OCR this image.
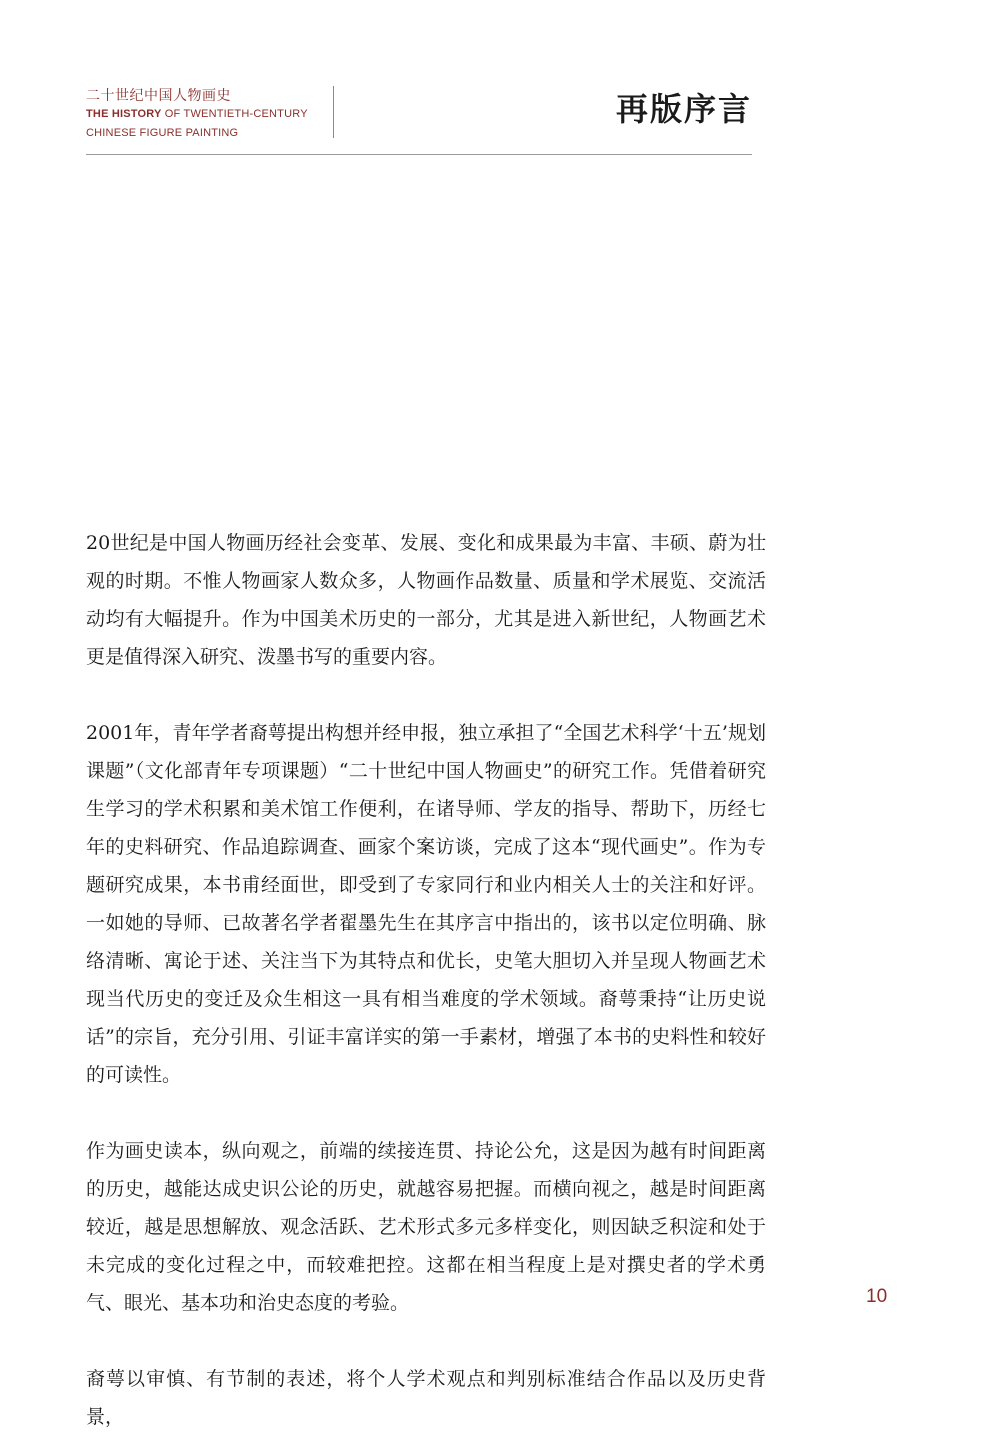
二十世纪中国人物画史
THE HISTORY OF TWENTIETH-CENTURY
CHINESE FIGURE PAINTING
再版序言

20世纪是中国人物画历经社会变革、发展、变化和成果最为丰富、丰硕、蔚为壮观的时期。不惟人物画家人数众多，人物画作品数量、质量和学术展览、交流活动均有大幅提升。作为中国美术历史的一部分，尤其是进入新世纪，人物画艺术更是值得深入研究、泼墨书写的重要内容。

2001年，青年学者裔萼提出构想并经申报，独立承担了“全国艺术科学‘十五’规划课题”（文化部青年专项课题）“二十世纪中国人物画史”的研究工作。凭借着研究生学习的学术积累和美术馆工作便利，在诸导师、学友的指导、帮助下，历经七年的史料研究、作品追踪调查、画家个案访谈，完成了这本“现代画史”。作为专题研究成果，本书甫经面世，即受到了专家同行和业内相关人士的关注和好评。一如她的导师、已故著名学者翟墨先生在其序言中指出的，该书以定位明确、脉络清晰、寓论于述、关注当下为其特点和优长，史笔大胆切入并呈现人物画艺术现当代历史的变迁及众生相这一具有相当难度的学术领域。裔萼秉持“让历史说话”的宗旨，充分引用、引证丰富详实的第一手素材，增强了本书的史料性和较好的可读性。

作为画史读本，纵向观之，前端的续接连贯、持论公允，这是因为越有时间距离的历史，越能达成史识公论的历史，就越容易把握。而横向视之，越是时间距离较近，越是思想解放、观念活跃、艺术形式多元多样变化，则因缺乏积淀和处于未完成的变化过程之中，而较难把控。这都在相当程度上是对撰史者的学术勇气、眼光、基本功和治史态度的考验。

裔萼以审慎、有节制的表述，将个人学术观点和判别标准结合作品以及历史背景，

10
